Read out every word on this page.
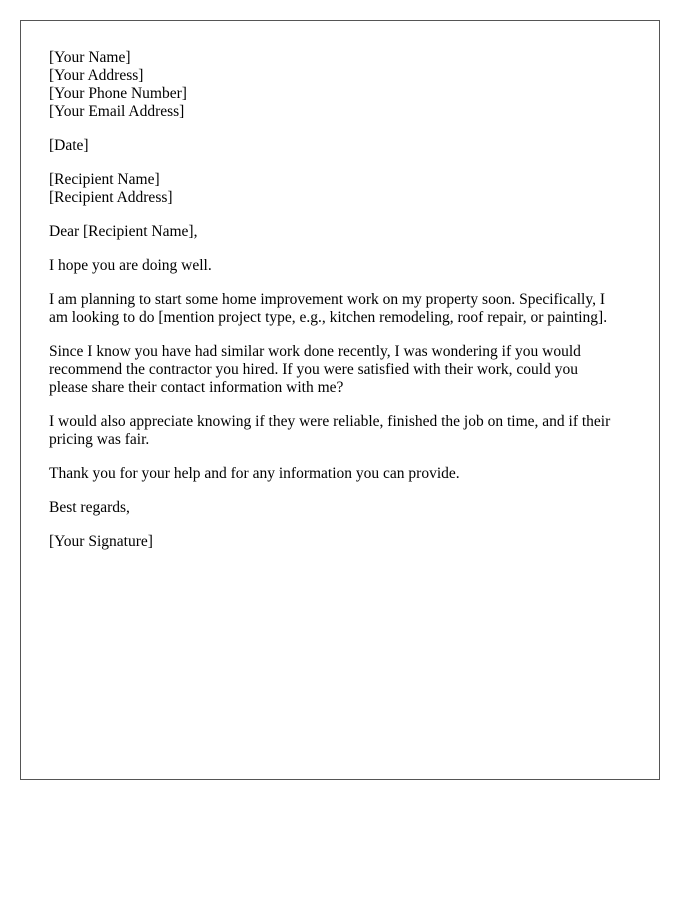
[Your Name]
[Your Address]
[Your Phone Number]
[Your Email Address]
[Date]
[Recipient Name]
[Recipient Address]
Dear [Recipient Name],
I hope you are doing well.
I am planning to start some home improvement work on my property soon. Specifically, I
am looking to do [mention project type, e.g., kitchen remodeling, roof repair, or painting].
Since I know you have had similar work done recently, I was wondering if you would
recommend the contractor you hired. If you were satisfied with their work, could you
please share their contact information with me?
I would also appreciate knowing if they were reliable, finished the job on time, and if their
pricing was fair.
Thank you for your help and for any information you can provide.
Best regards,
[Your Signature]
